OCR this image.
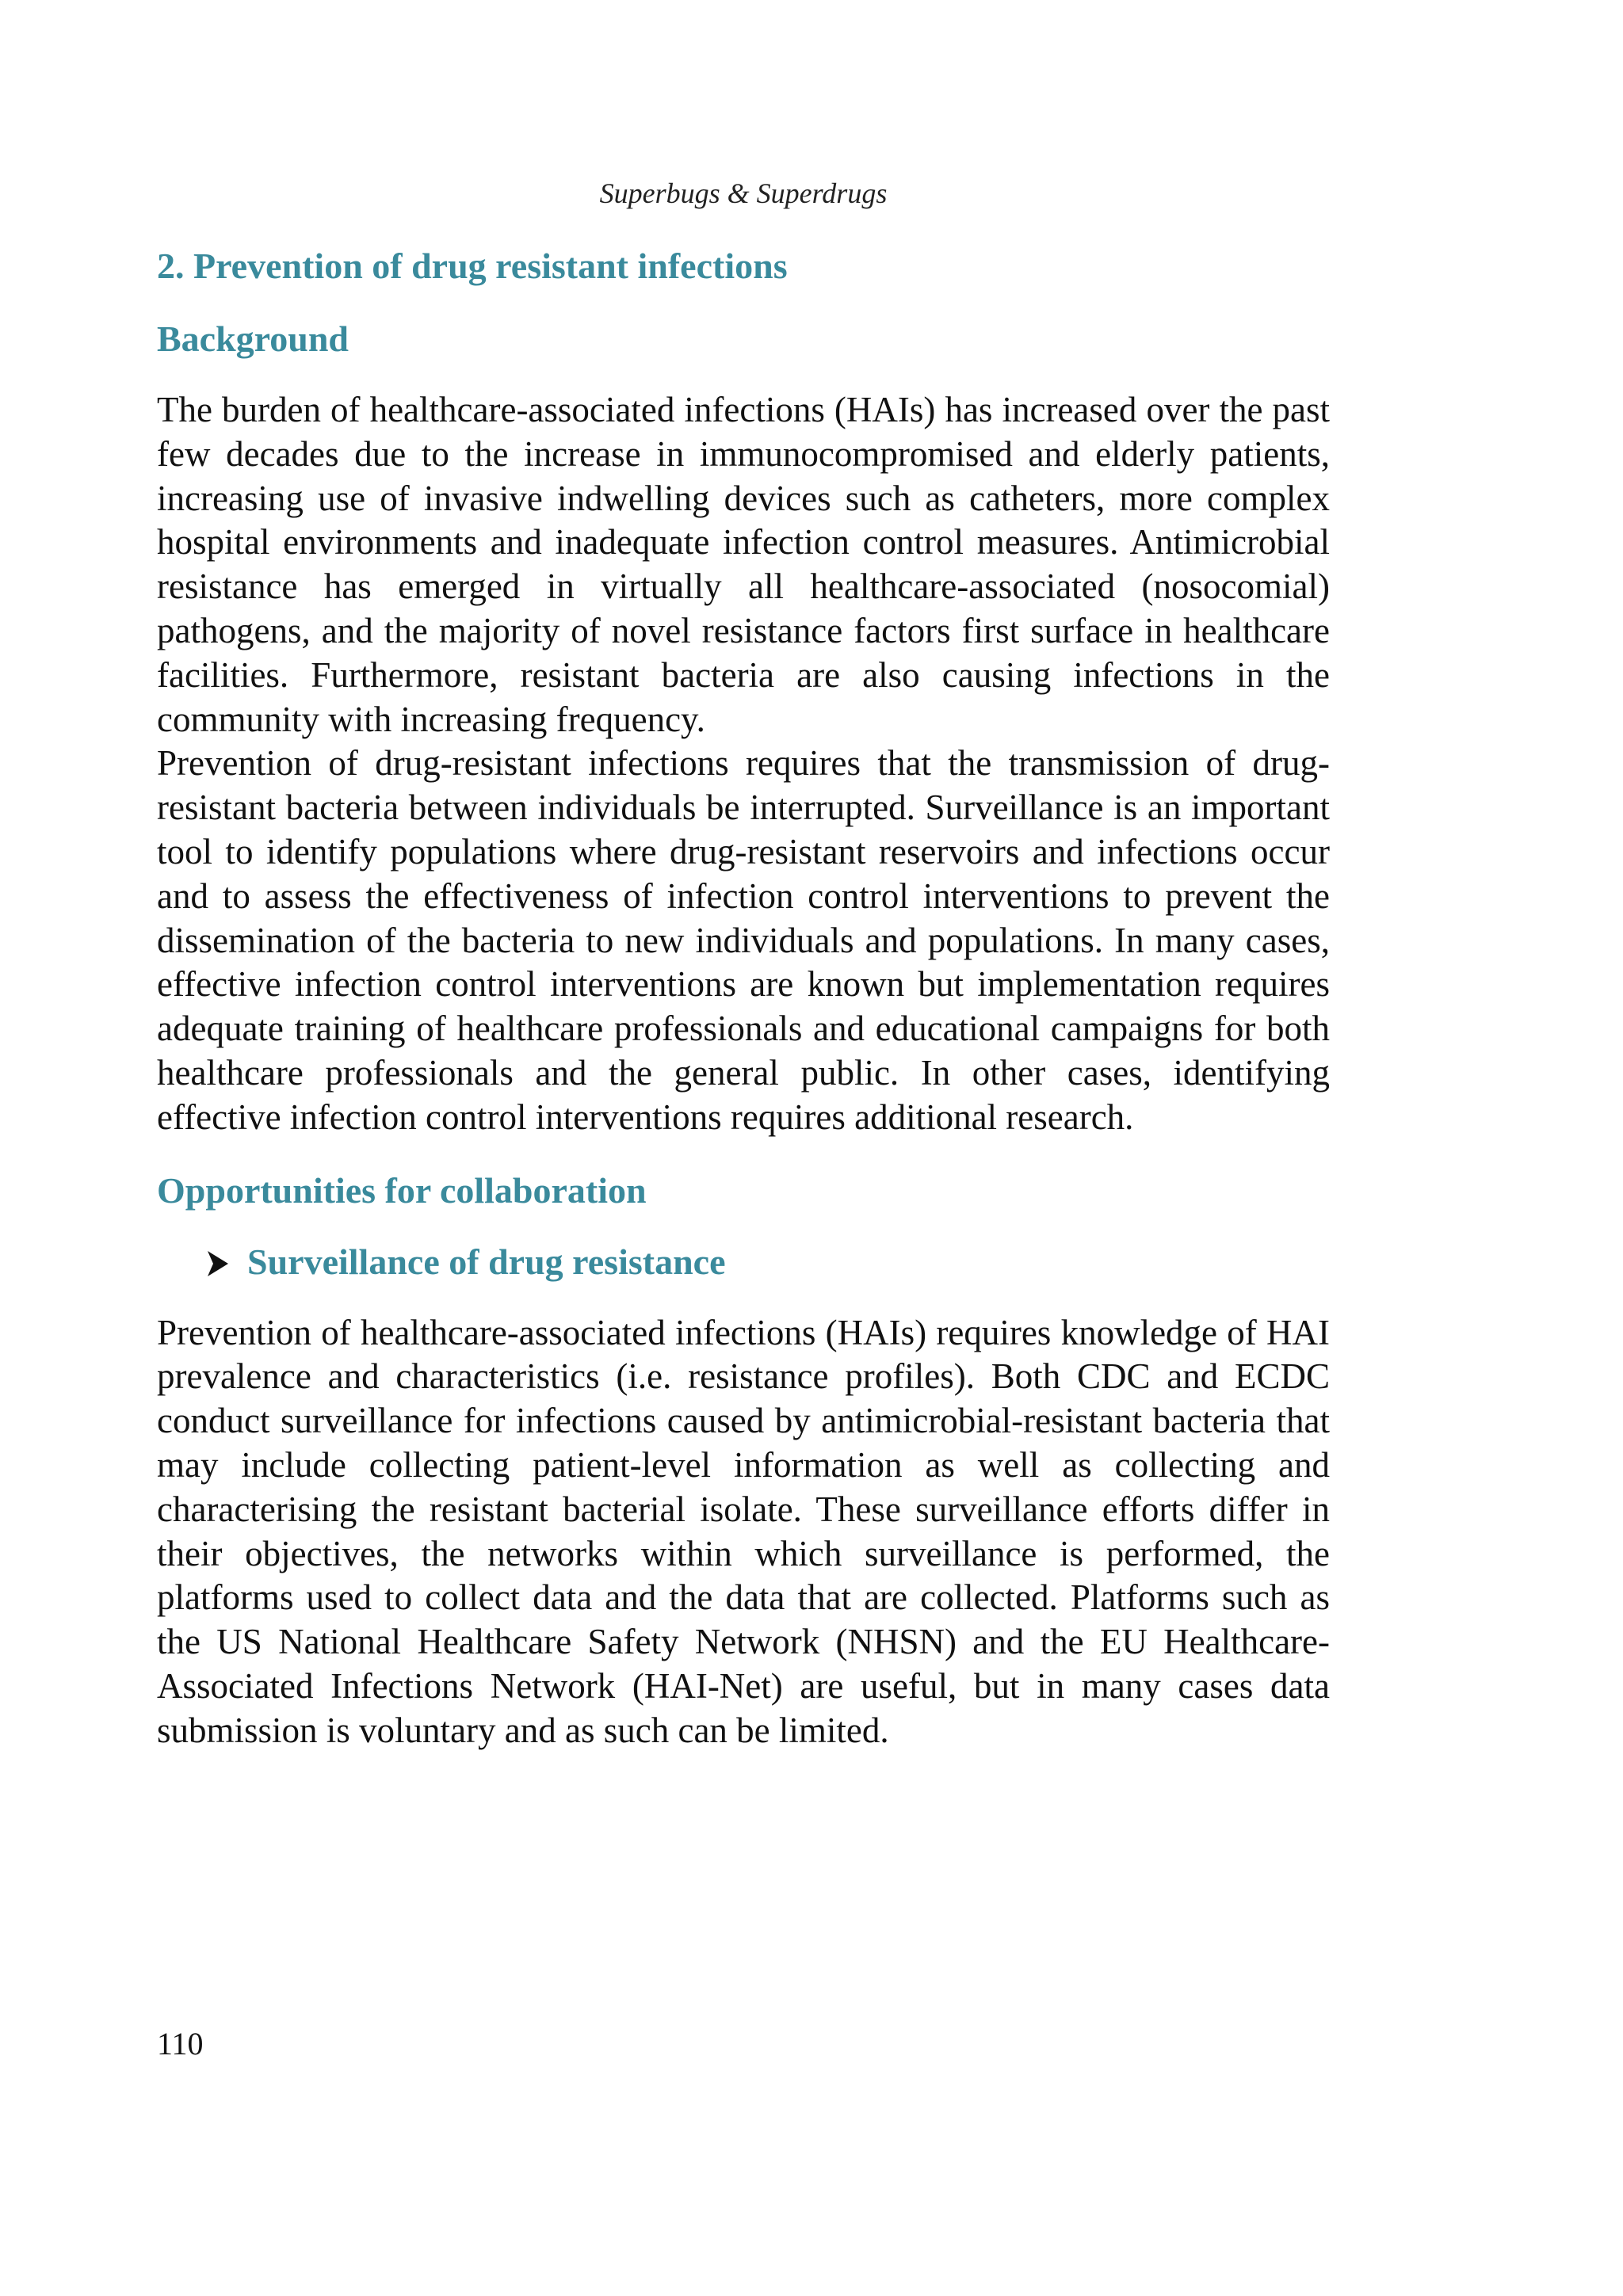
Superbugs & Superdrugs
2. Prevention of drug resistant infections
Background

The burden of healthcare-associated infections (HAIs) has increased over the past few decades due to the increase in immunocompromised and elderly patients, increasing use of invasive indwelling devices such as catheters, more complex hospital environments and inadequate infection control measures. Antimicrobial resistance has emerged in virtually all healthcare-associated (nosocomial) pathogens, and the majority of novel resistance factors first surface in healthcare facilities. Furthermore, resistant bacteria are also causing infections in the community with increasing frequency.

Prevention of drug-resistant infections requires that the transmission of drug-resistant bacteria between individuals be interrupted. Surveillance is an important tool to identify populations where drug-resistant reservoirs and infections occur and to assess the effectiveness of infection control interventions to prevent the dissemination of the bacteria to new individuals and populations. In many cases, effective infection control interventions are known but implementation requires adequate training of healthcare professionals and educational campaigns for both healthcare professionals and the general public. In other cases, identifying effective infection control interventions requires additional research.

Opportunities for collaboration
Surveillance of drug resistance

Prevention of healthcare-associated infections (HAIs) requires knowledge of HAI prevalence and characteristics (i.e. resistance profiles). Both CDC and ECDC conduct surveillance for infections caused by antimicrobial-resistant bacteria that may include collecting patient-level information as well as collecting and characterising the resistant bacterial isolate. These surveillance efforts differ in their objectives, the networks within which surveillance is performed, the platforms used to collect data and the data that are collected. Platforms such as the US National Healthcare Safety Network (NHSN) and the EU Healthcare-Associated Infections Network (HAI-Net) are useful, but in many cases data submission is voluntary and as such can be limited.

110
